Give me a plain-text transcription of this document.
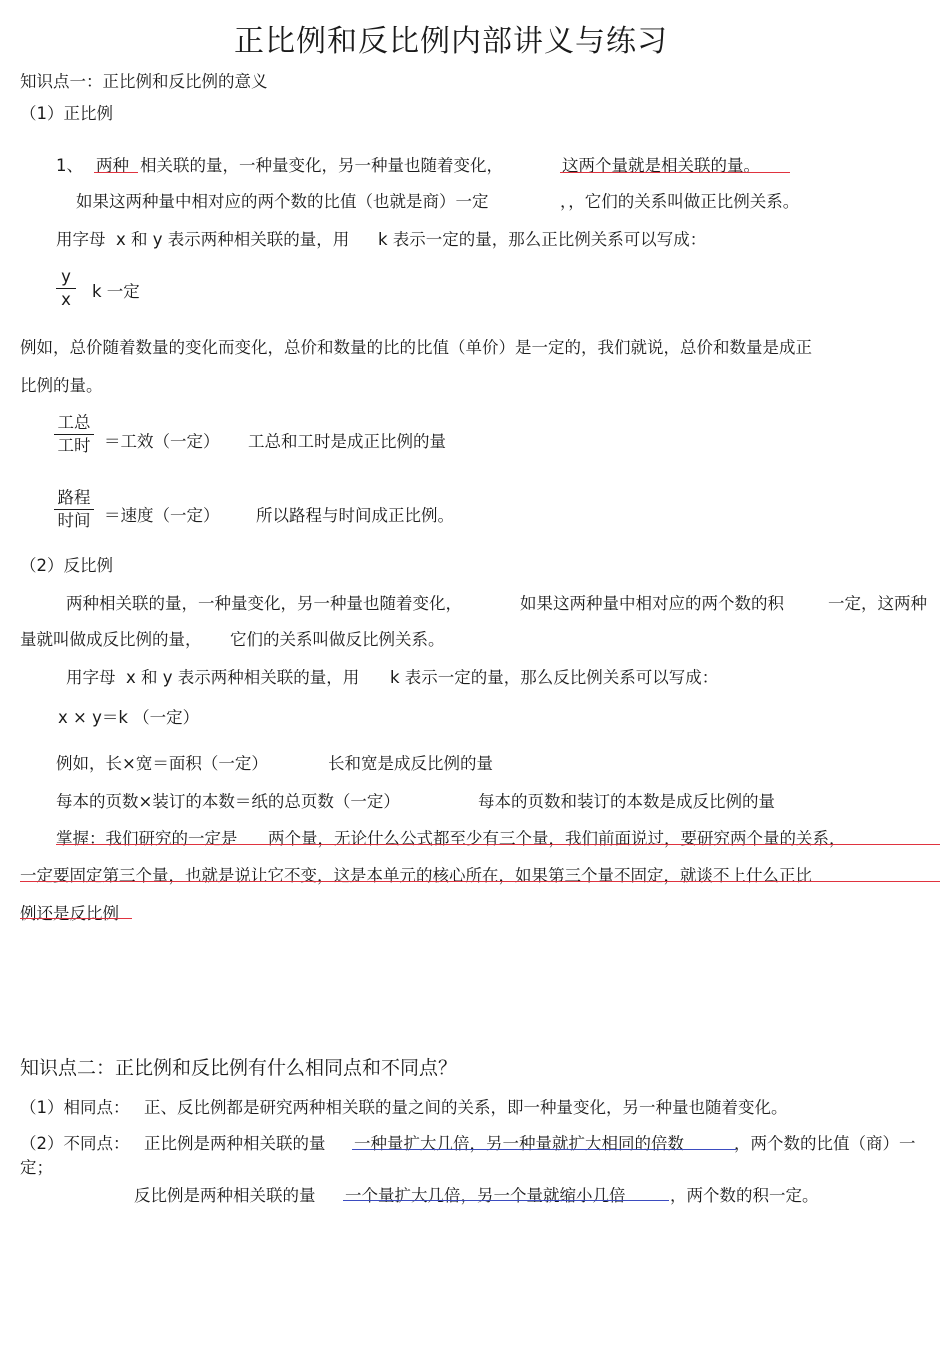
正比例和反比例内部讲义与练习
知识点一：正比例和反比例的意义
（1）正比例
1、 两种 相关联的量，一种量变化，另一种量也随着变化，	这两个量就是相关联的量。
如果这两种量中相对应的两个数的比值（也就是商）一定	，，它们的关系叫做正比例关系。
用字母 x 和 y 表示两种相关联的量，用 k 表示一定的量，那么正比例关系可以写成：
y
x	k 一定
例如，总价随着数量的变化而变化，总价和数量的比的比值（单价）是一定的，我们就说，总价和数量是成正
比例的量。
工总
工时 ＝工效（一定） 工总和工时是成正比例的量
路程
时间 ＝速度（一定） 所以路程与时间成正比例。
（2）反比例
两种相关联的量，一种量变化，另一种量也随着变化，	如果这两种量中相对应的两个数的积	一定，这两种
量就叫做成反比例的量， 它们的关系叫做反比例关系。
用字母 x 和 y 表示两种相关联的量，用 k 表示一定的量，那么反比例关系可以写成：
x × y＝k （一定）
例如，长×宽＝面积（一定）	长和宽是成反比例的量
每本的页数×装订的本数＝纸的总页数（一定）	每本的页数和装订的本数是成反比例的量
掌握：我们研究的一定是 两个量，无论什么公式都至少有三个量，我们前面说过，要研究两个量的关系，
一定要固定第三个量，也就是说让它不变，这是本单元的核心所在，如果第三个量不固定，就谈不上什么正比
例还是反比例
知识点二：正比例和反比例有什么相同点和不同点？
（1）相同点： 正、反比例都是研究两种相关联的量之间的关系，即一种量变化，另一种量也随着变化。
（2）不同点： 正比例是两种相关联的量 一种量扩大几倍，另一种量就扩大相同的倍数	，两个数的比值（商）一
定；
反比例是两种相关联的量 一个量扩大几倍，另一个量就缩小几倍	，两个数的积一定。
